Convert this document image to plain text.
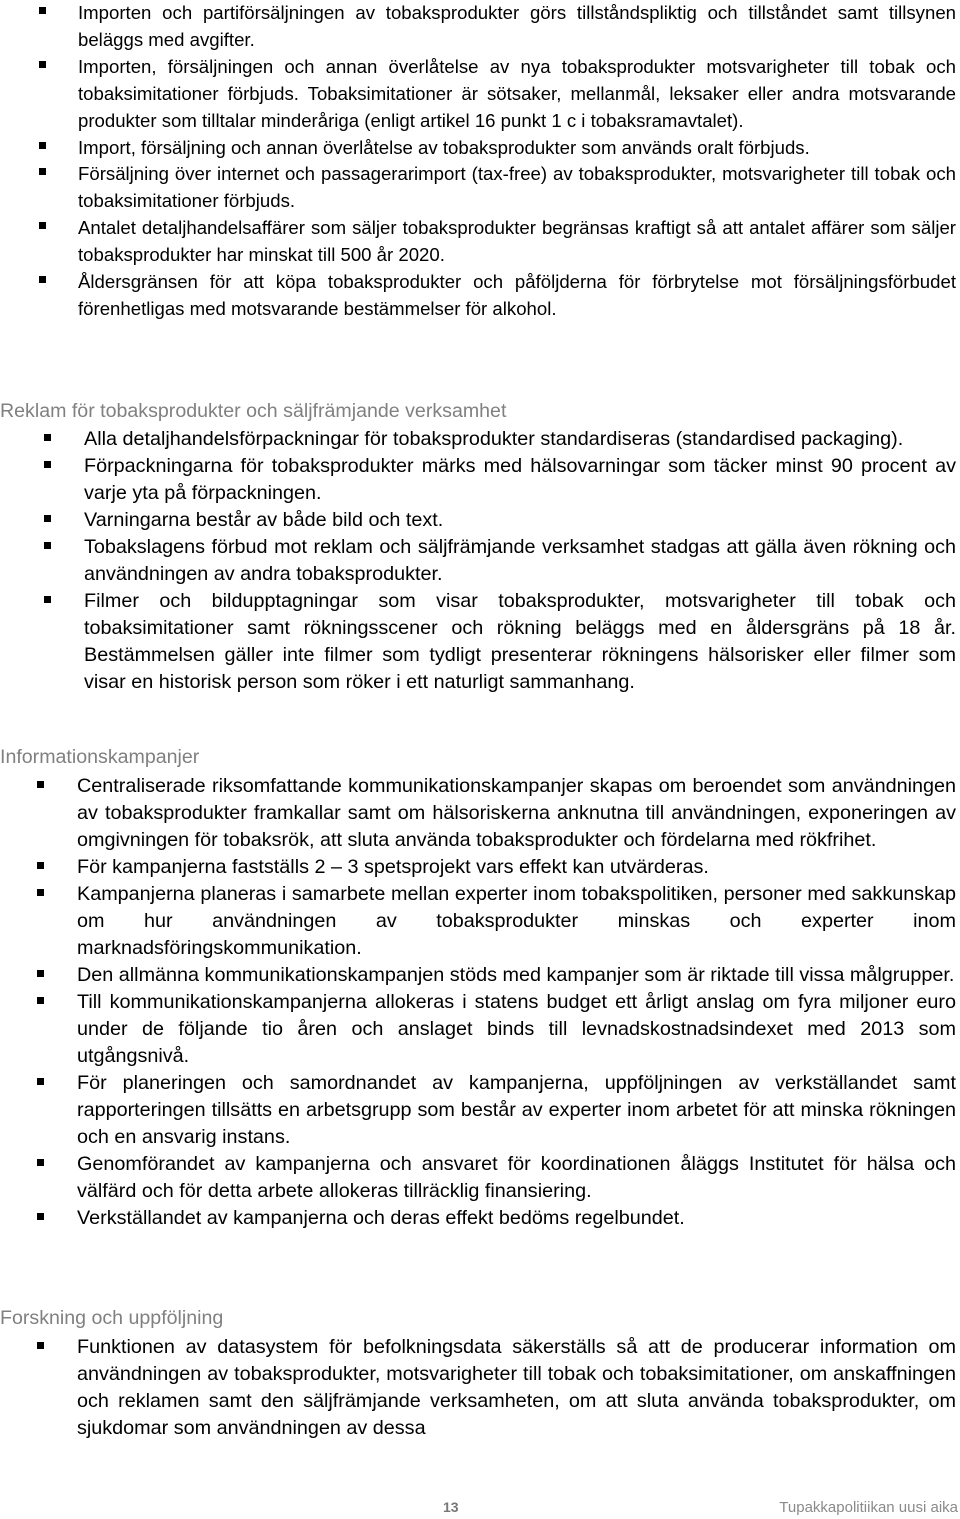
Importen och partiförsäljningen av tobaksprodukter görs tillståndspliktig och tillståndet samt tillsynen beläggs med avgifter.
Importen, försäljningen och annan överlåtelse av nya tobaksprodukter motsvarigheter till tobak och tobaksimitationer förbjuds. Tobaksimitationer är sötsaker, mellanmål, leksaker eller andra motsvarande produkter som tilltalar minderåriga (enligt artikel 16 punkt 1 c i tobaksramavtalet).
Import, försäljning och annan överlåtelse av tobaksprodukter som används oralt förbjuds.
Försäljning över internet och passagerarimport (tax-free) av tobaksprodukter, motsvarigheter till tobak och tobaksimitationer förbjuds.
Antalet detaljhandelsaffärer som säljer tobaksprodukter begränsas kraftigt så att antalet affärer som säljer tobaksprodukter har minskat till 500 år 2020.
Åldersgränsen för att köpa tobaksprodukter och påföljderna för förbrytelse mot försäljningsförbudet förenhetligas med motsvarande bestämmelser för alkohol.
Reklam för tobaksprodukter och säljfrämjande verksamhet
Alla detaljhandelsförpackningar för tobaksprodukter standardiseras (standardised packaging).
Förpackningarna för tobaksprodukter märks med hälsovarningar som täcker minst 90 procent av varje yta på förpackningen.
Varningarna består av både bild och text.
Tobakslagens förbud mot reklam och säljfrämjande verksamhet stadgas att gälla även rökning och användningen av andra tobaksprodukter.
Filmer och bildupptagningar som visar tobaksprodukter, motsvarigheter till tobak och tobaksimitationer samt rökningsscener och rökning beläggs med en åldersgräns på 18 år. Bestämmelsen gäller inte filmer som tydligt presenterar rökningens hälsorisker eller filmer som visar en historisk person som röker i ett naturligt sammanhang.
Informationskampanjer
Centraliserade riksomfattande kommunikationskampanjer skapas om beroendet som användningen av tobaksprodukter framkallar samt om hälsoriskerna anknutna till användningen, exponeringen av omgivningen för tobaksrök, att sluta använda tobaksprodukter och fördelarna med rökfrihet.
För kampanjerna fastställs 2 – 3 spetsprojekt vars effekt kan utvärderas.
Kampanjerna planeras i samarbete mellan experter inom tobakspolitiken, personer med sakkunskap om hur användningen av tobaksprodukter minskas och experter inom marknadsföringskommunikation.
Den allmänna kommunikationskampanjen stöds med kampanjer som är riktade till vissa målgrupper.
Till kommunikationskampanjerna allokeras i statens budget ett årligt anslag om fyra miljoner euro under de följande tio åren och anslaget binds till levnadskostnadsindexet med 2013 som utgångsnivå.
För planeringen och samordnandet av kampanjerna, uppföljningen av verkställandet samt rapporteringen tillsätts en arbetsgrupp som består av experter inom arbetet för att minska rökningen och en ansvarig instans.
Genomförandet av kampanjerna och ansvaret för koordinationen åläggs Institutet för hälsa och välfärd och för detta arbete allokeras tillräcklig finansiering.
Verkställandet av kampanjerna och deras effekt bedöms regelbundet.
Forskning och uppföljning
Funktionen av datasystem för befolkningsdata säkerställs så att de producerar information om användningen av tobaksprodukter, motsvarigheter till tobak och tobaksimitationer, om anskaffningen och reklamen samt den säljfrämjande verksamheten, om att sluta använda tobaksprodukter, om sjukdomar som användningen av dessa
13	Tupakkapolitiikan uusi aika
